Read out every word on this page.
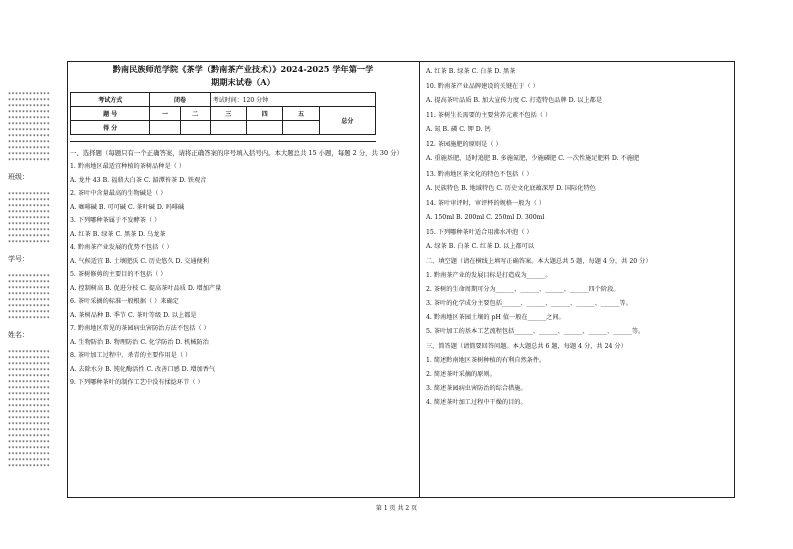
************
************
************
************
************
************
************
************
************
************
************
************
班级：
************
************
************
************
************
************
************
************
************
学号：
************
************
************
************
************
************
************
************
姓名：
************
************
************
************
************
************
************
************
************
************
************
************
************
************
************
************
************
************
************
************
黔南民族师范学院《茶学（黔南茶产业技术）》2024-2025 学年第一学
期期末试卷（A）
考试方式	闭卷		考试时间：120 分钟			
题 号	一	二	三	四	五	总分
得 分						
一、选择题（每题只有一个正确答案，请将正确答案的序号填入括号内。本大题总共 15 小题，每题 2 分，共 30 分）
1. 黔南地区最适宜种植的茶树品种是（ ）
A. 龙井 43 B. 福鼎大白茶 C. 湄潭苔茶 D. 铁观音
2. 茶叶中含量最高的生物碱是（ ）
A. 咖啡碱 B. 可可碱 C. 茶叶碱 D. 吗啡碱
3. 下列哪种茶属于不发酵茶（ ）
A. 红茶 B. 绿茶 C. 黑茶 D. 乌龙茶
4. 黔南茶产业发展的优势不包括（ ）
A. 气候适宜 B. 土壤肥沃 C. 历史悠久 D. 交通便利
5. 茶树修剪的主要目的不包括（ ）
A. 控制树高 B. 促进分枝 C. 提高茶叶品质 D. 增加产量
6. 茶叶采摘的标准一般根据（ ）来确定
A. 茶树品种 B. 季节 C. 茶叶等级 D. 以上都是
7. 黔南地区常见的茶园病虫害防治方法不包括（ ）
A. 生物防治 B. 物理防治 C. 化学防治 D. 机械防治
8. 茶叶加工过程中，杀青的主要作用是（ ）
A. 去除水分 B. 钝化酶活性 C. 改善口感 D. 增加香气
9. 下列哪种茶叶的制作工艺中没有揉捻环节（ ）
A. 红茶 B. 绿茶 C. 白茶 D. 黑茶
10. 黔南茶产业品牌建设的关键在于（ ）
A. 提高茶叶品质 B. 加大宣传力度 C. 打造特色品牌 D. 以上都是
11. 茶树生长需要的主要营养元素不包括（ ）
A. 氮 B. 磷 C. 钾 D. 钙
12. 茶园施肥的原则是（ ）
A. 重施基肥，适时追肥 B. 多施氮肥，少施磷肥 C. 一次性施足肥料 D. 不施肥
13. 黔南地区茶文化的特色不包括（ ）
A. 民族特色 B. 地域特色 C. 历史文化底蕴深厚 D. 国际化特色
14. 茶叶审评时，审评杯的规格一般为（ ）
A. 150ml B. 200ml C. 250ml D. 300ml
15. 下列哪种茶叶适合用沸水冲泡（ ）
A. 绿茶 B. 白茶 C. 红茶 D. 以上都可以
二、填空题（请在横线上填写正确答案。本大题总共 5 题，每题 4 分，共 20 分）
1. 黔南茶产业的发展目标是打造成为______。
2. 茶树的生命周期可分为______、______、______、______四个阶段。
3. 茶叶的化学成分主要包括______、______、______、______、______等。
4. 黔南地区茶园土壤的 pH 值一般在______之间。
5. 茶叶加工的基本工艺流程包括______、______、______、______、______等。
三、简答题（请简要回答问题。本大题总共 6 题，每题 4 分，共 24 分）
1. 简述黔南地区茶树种植的有利自然条件。
2. 简述茶叶采摘的原则。
3. 简述茶园病虫害防治的综合措施。
4. 简述茶叶加工过程中干燥的目的。
第 1 页 共 2 页
